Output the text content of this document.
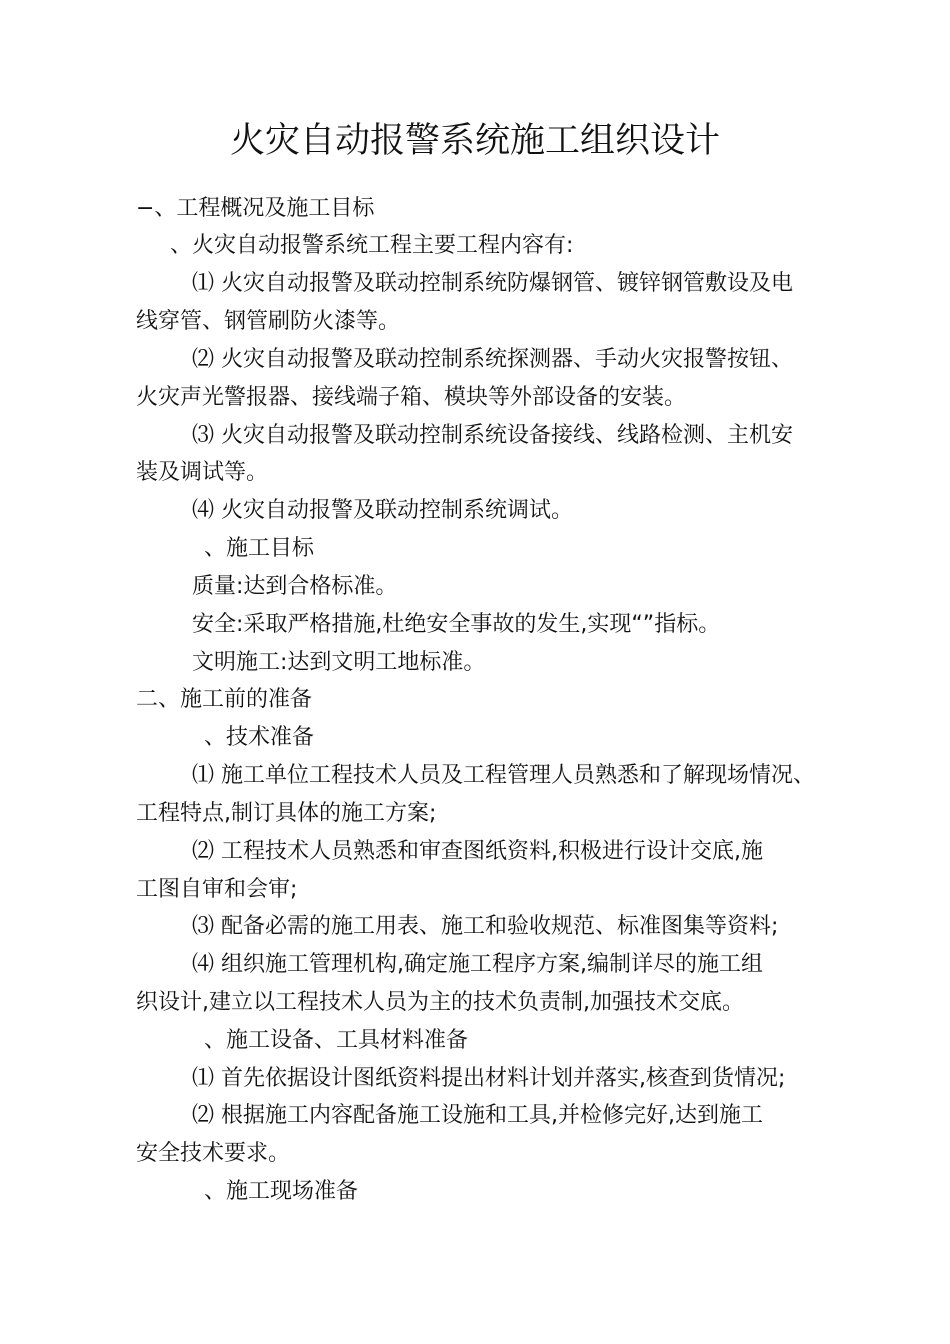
火灾自动报警系统施工组织设计

−、工程概况及施工目标

、火灾自动报警系统工程主要工程内容有:

⑴ 火灾自动报警及联动控制系统防爆钢管、镀锌钢管敷设及电

线穿管、钢管刷防火漆等。

⑵ 火灾自动报警及联动控制系统探测器、手动火灾报警按钮、

火灾声光警报器、接线端子箱、模块等外部设备的安装。

⑶ 火灾自动报警及联动控制系统设备接线、线路检测、主机安

装及调试等。

⑷ 火灾自动报警及联动控制系统调试。

、施工目标

质量:达到合格标准。

安全:采取严格措施,杜绝安全事故的发生,实现“”指标。

文明施工:达到文明工地标准。

二、施工前的准备

、技术准备

⑴ 施工单位工程技术人员及工程管理人员熟悉和了解现场情况、

工程特点,制订具体的施工方案;

⑵ 工程技术人员熟悉和审查图纸资料,积极进行设计交底,施

工图自审和会审;

⑶ 配备必需的施工用表、施工和验收规范、标准图集等资料;

⑷ 组织施工管理机构,确定施工程序方案,编制详尽的施工组

织设计,建立以工程技术人员为主的技术负责制,加强技术交底。

、施工设备、工具材料准备

⑴ 首先依据设计图纸资料提出材料计划并落实,核查到货情况;

⑵ 根据施工内容配备施工设施和工具,并检修完好,达到施工

安全技术要求。

、施工现场准备
